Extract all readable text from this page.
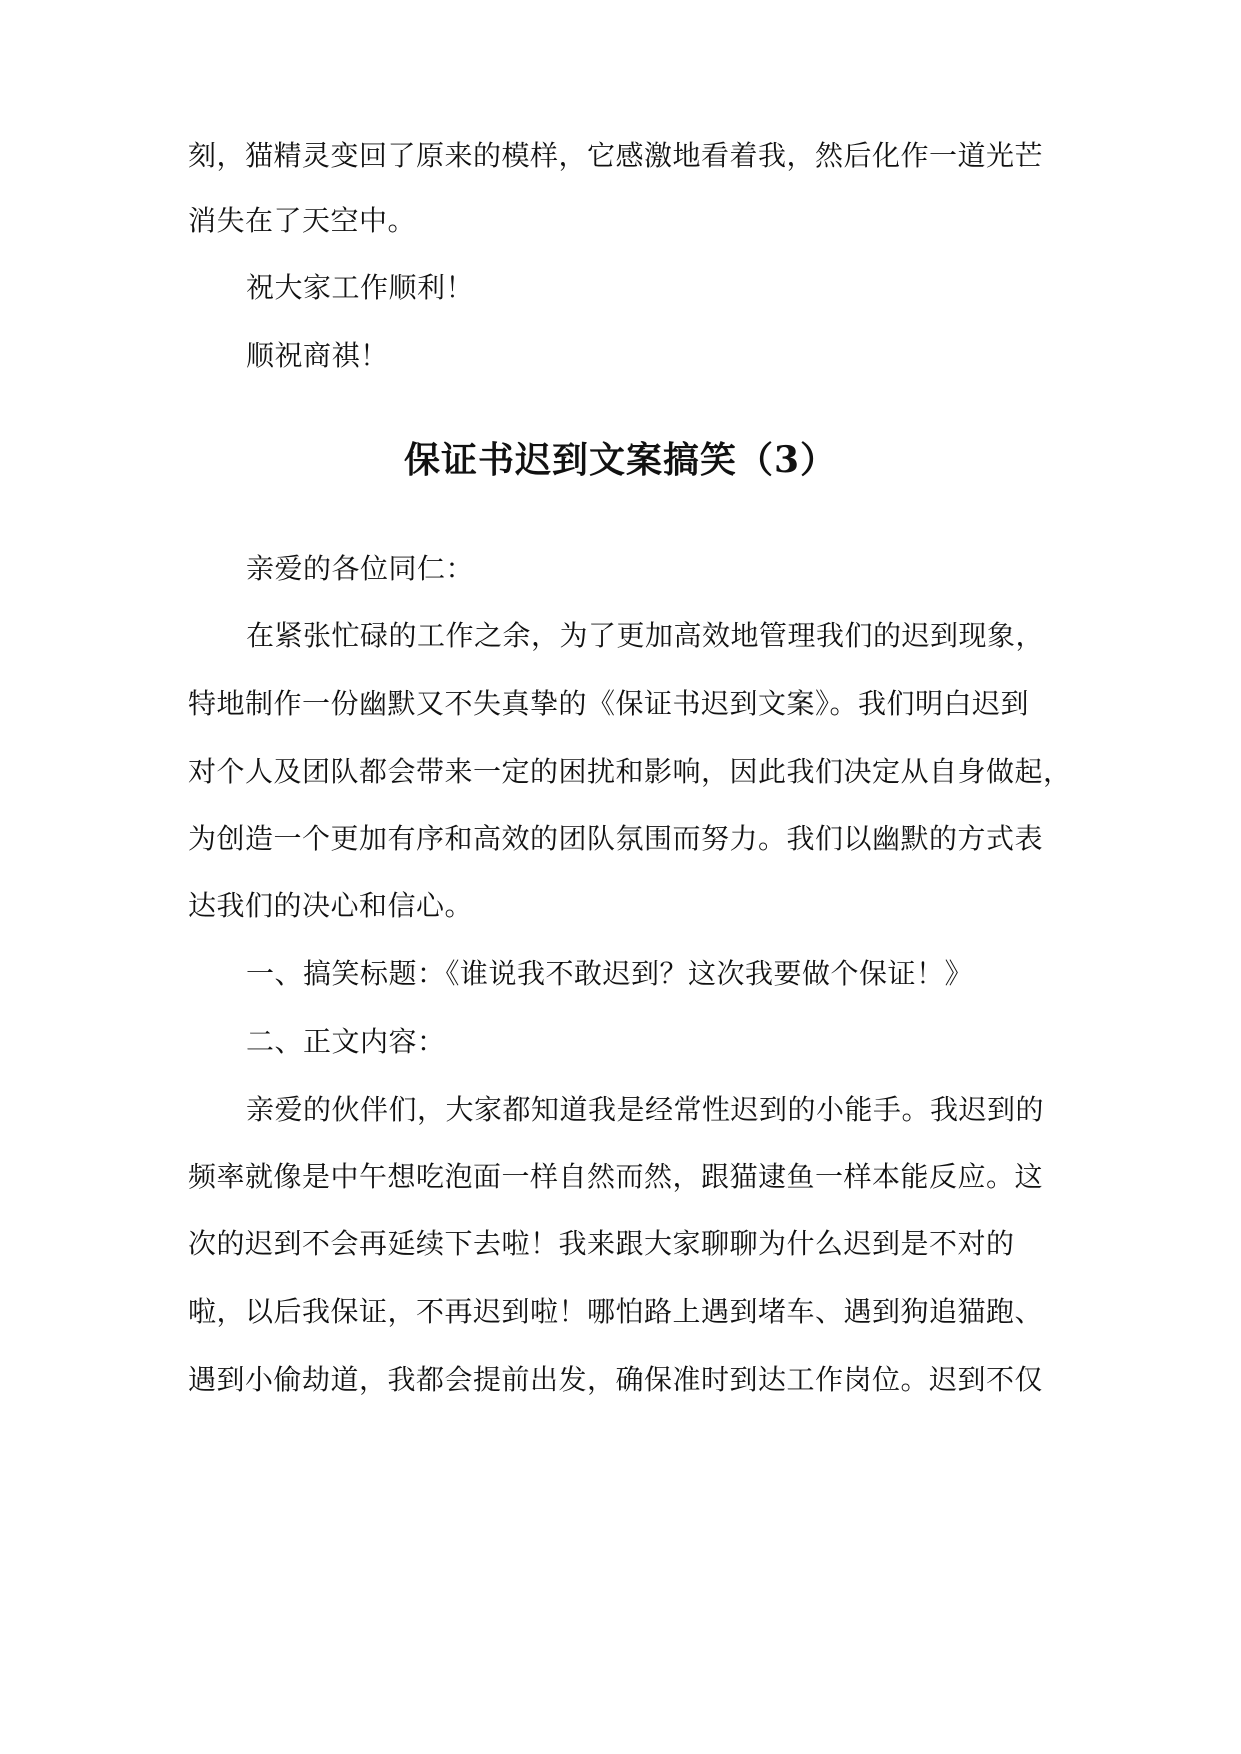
刻，猫精灵变回了原来的模样，它感激地看着我，然后化作一道光芒
消失在了天空中。
祝大家工作顺利！
顺祝商祺！
保证书迟到文案搞笑（3）
亲爱的各位同仁：
在紧张忙碌的工作之余，为了更加高效地管理我们的迟到现象，
特地制作一份幽默又不失真挚的《保证书迟到文案》。我们明白迟到
对个人及团队都会带来一定的困扰和影响，因此我们决定从自身做起，
为创造一个更加有序和高效的团队氛围而努力。我们以幽默的方式表
达我们的决心和信心。
一、搞笑标题：《谁说我不敢迟到？这次我要做个保证！》
二、正文内容：
亲爱的伙伴们，大家都知道我是经常性迟到的小能手。我迟到的
频率就像是中午想吃泡面一样自然而然，跟猫逮鱼一样本能反应。这
次的迟到不会再延续下去啦！我来跟大家聊聊为什么迟到是不对的
啦，以后我保证，不再迟到啦！哪怕路上遇到堵车、遇到狗追猫跑、
遇到小偷劫道，我都会提前出发，确保准时到达工作岗位。迟到不仅
